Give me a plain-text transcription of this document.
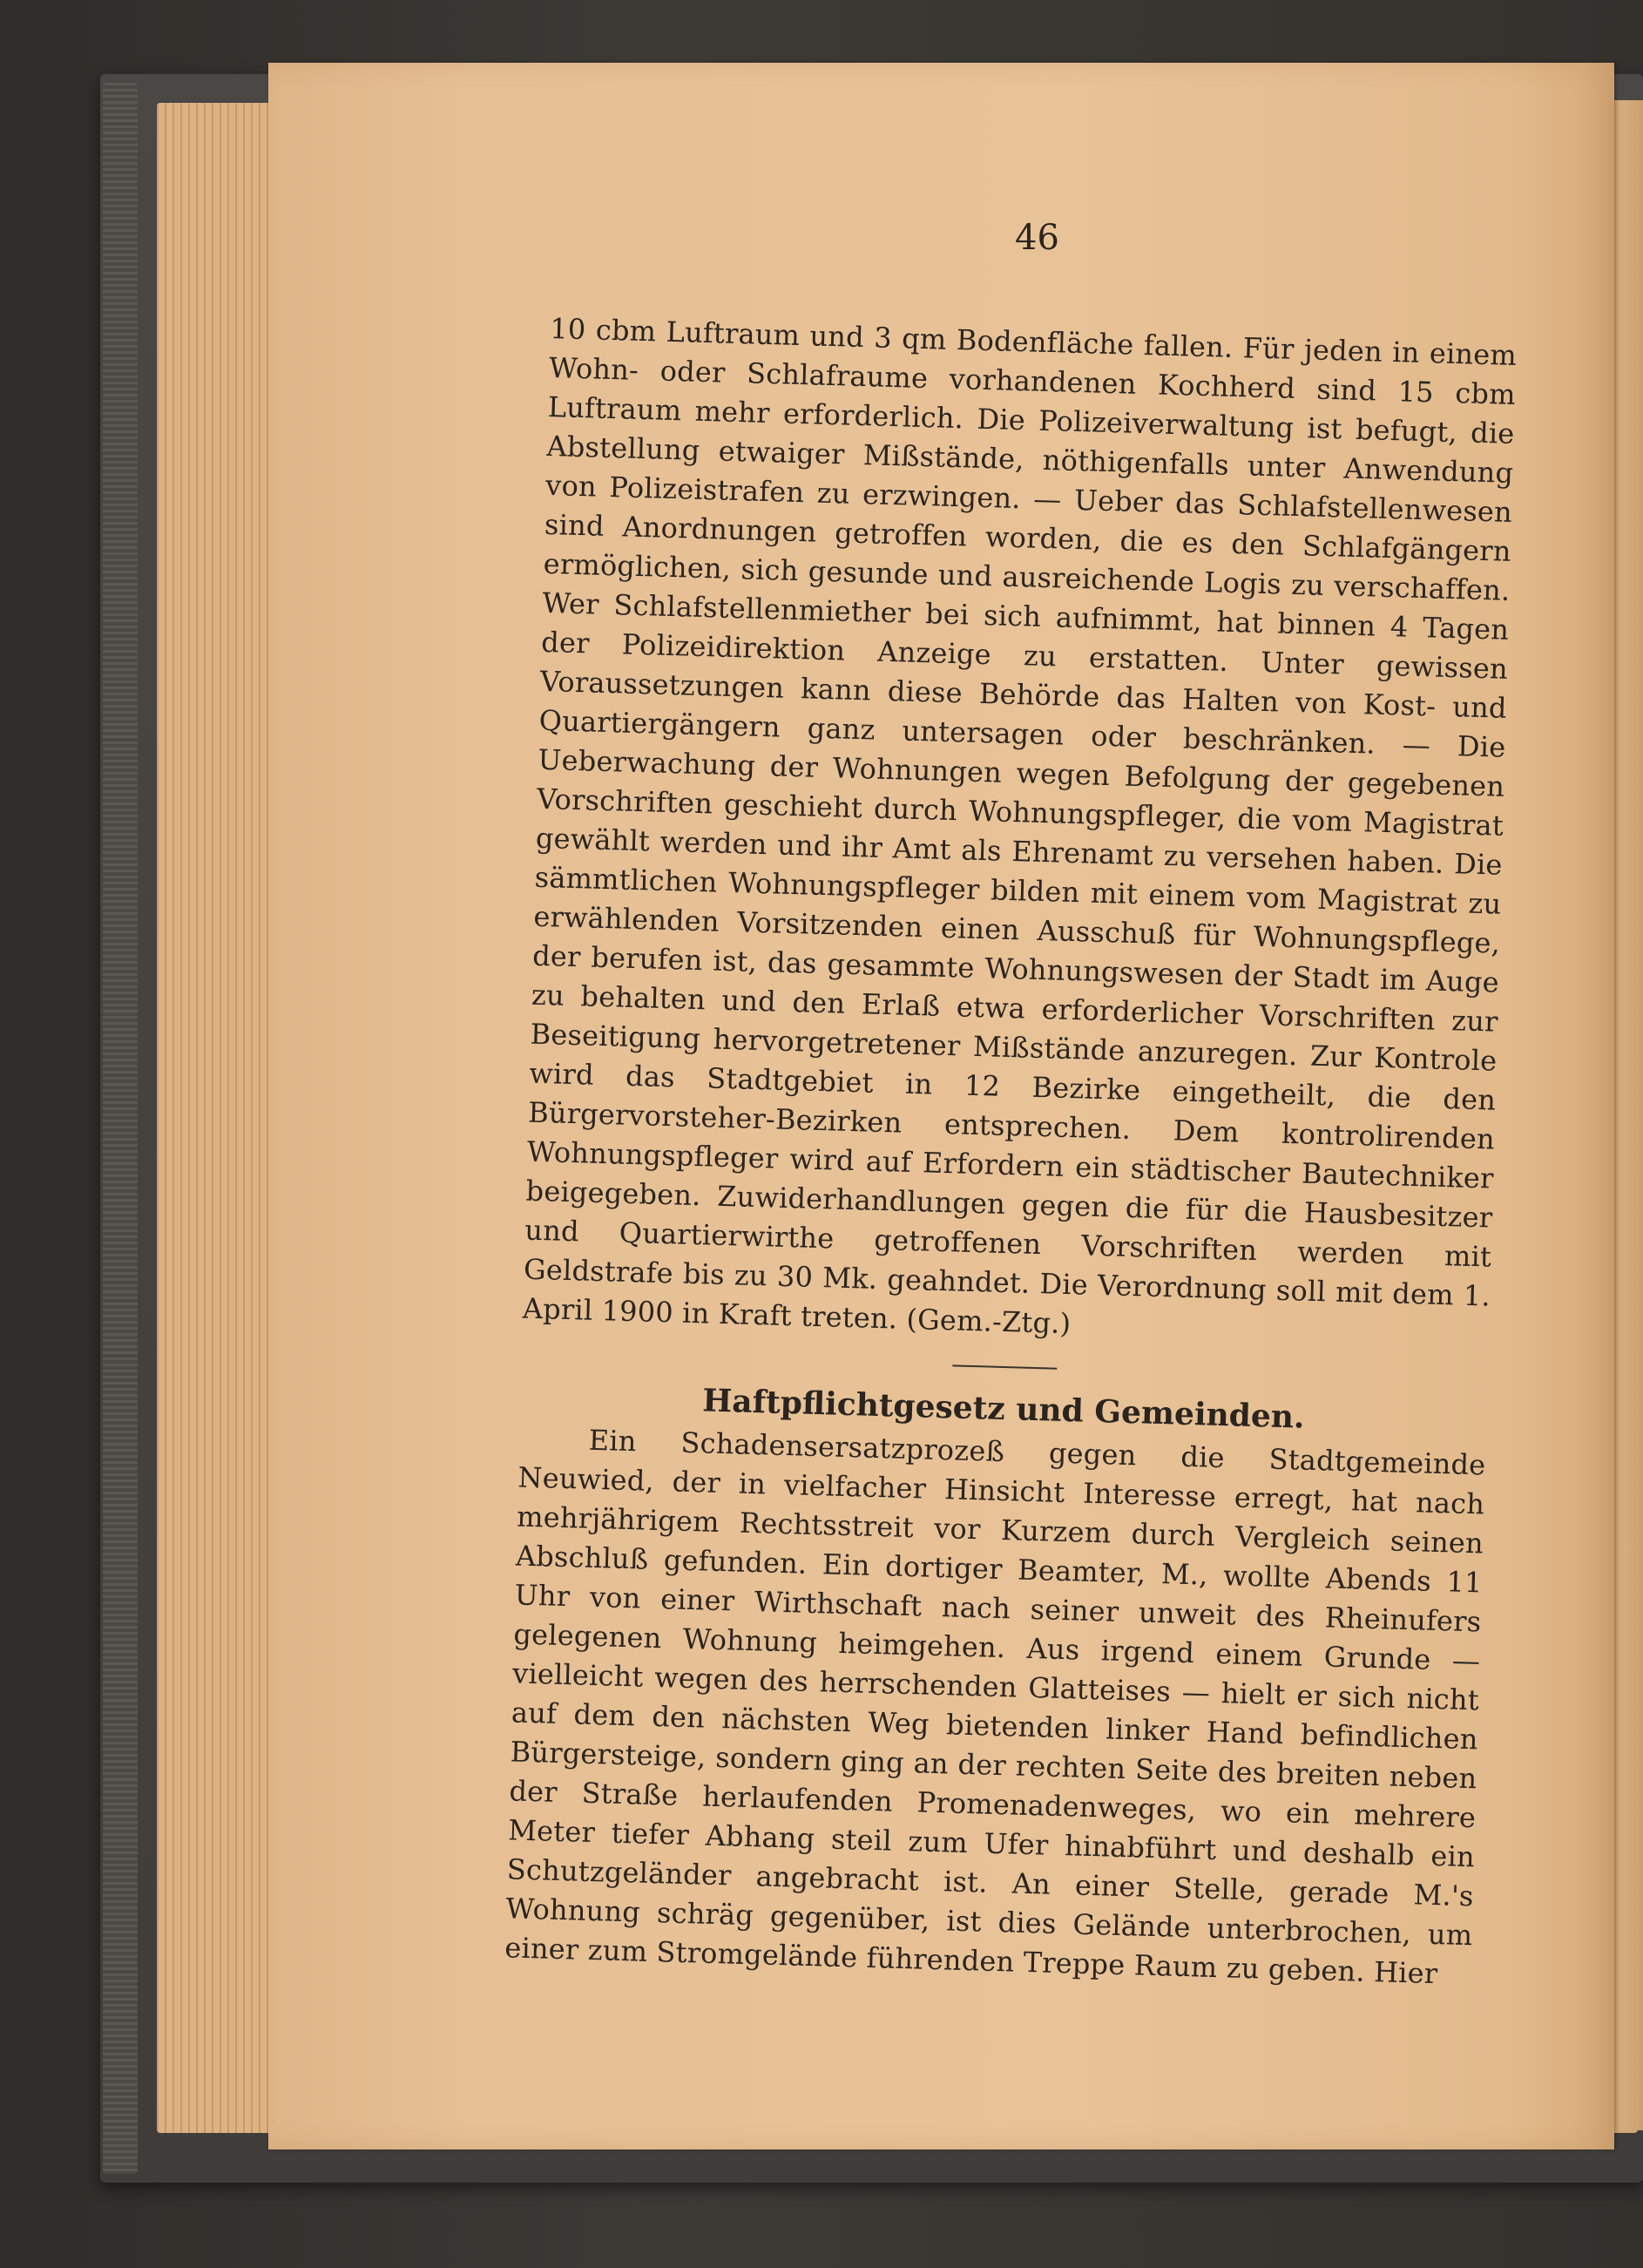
46

10 cbm Luftraum und 3 qm Bodenfläche fallen. Für jeden in einem Wohn- oder Schlafraume vorhandenen Kochherd sind 15 cbm Luftraum mehr erforderlich. Die Polizeiverwaltung ist befugt, die Abstellung etwaiger Mißstände, nöthigenfalls unter Anwendung von Polizeistrafen zu erzwingen. — Ueber das Schlafstellenwesen sind Anordnungen getroffen worden, die es den Schlafgängern ermöglichen, sich gesunde und ausreichende Logis zu verschaffen. Wer Schlafstellenmiether bei sich aufnimmt, hat binnen 4 Tagen der Polizeidirektion Anzeige zu erstatten. Unter gewissen Voraussetzungen kann diese Behörde das Halten von Kost- und Quartiergängern ganz untersagen oder beschränken. — Die Ueberwachung der Wohnungen wegen Befolgung der gegebenen Vorschriften geschieht durch Wohnungspfleger, die vom Magistrat gewählt werden und ihr Amt als Ehrenamt zu versehen haben. Die sämmtlichen Wohnungspfleger bilden mit einem vom Magistrat zu erwählenden Vorsitzenden einen Ausschuß für Wohnungspflege, der berufen ist, das gesammte Wohnungswesen der Stadt im Auge zu behalten und den Erlaß etwa erforderlicher Vorschriften zur Beseitigung hervorgetretener Mißstände anzuregen. Zur Kontrole wird das Stadtgebiet in 12 Bezirke eingetheilt, die den Bürgervorsteher-Bezirken entsprechen. Dem kontrolirenden Wohnungspfleger wird auf Erfordern ein städtischer Bautechniker beigegeben. Zuwiderhandlungen gegen die für die Hausbesitzer und Quartierwirthe getroffenen Vorschriften werden mit Geldstrafe bis zu 30 Mk. geahndet. Die Verordnung soll mit dem 1. April 1900 in Kraft treten. (Gem.-Ztg.)

Haftpflichtgesetz und Gemeinden.

Ein Schadensersatzprozeß gegen die Stadtgemeinde Neuwied, der in vielfacher Hinsicht Interesse erregt, hat nach mehrjährigem Rechtsstreit vor Kurzem durch Vergleich seinen Abschluß gefunden. Ein dortiger Beamter, M., wollte Abends 11 Uhr von einer Wirthschaft nach seiner unweit des Rheinufers gelegenen Wohnung heimgehen. Aus irgend einem Grunde — vielleicht wegen des herrschenden Glatteises — hielt er sich nicht auf dem den nächsten Weg bietenden linker Hand befindlichen Bürgersteige, sondern ging an der rechten Seite des breiten neben der Straße herlaufenden Promenadenweges, wo ein mehrere Meter tiefer Abhang steil zum Ufer hinabführt und deshalb ein Schutzgeländer angebracht ist. An einer Stelle, gerade M.'s Wohnung schräg gegenüber, ist dies Gelände unterbrochen, um einer zum Stromgelände führenden Treppe Raum zu geben. Hier
